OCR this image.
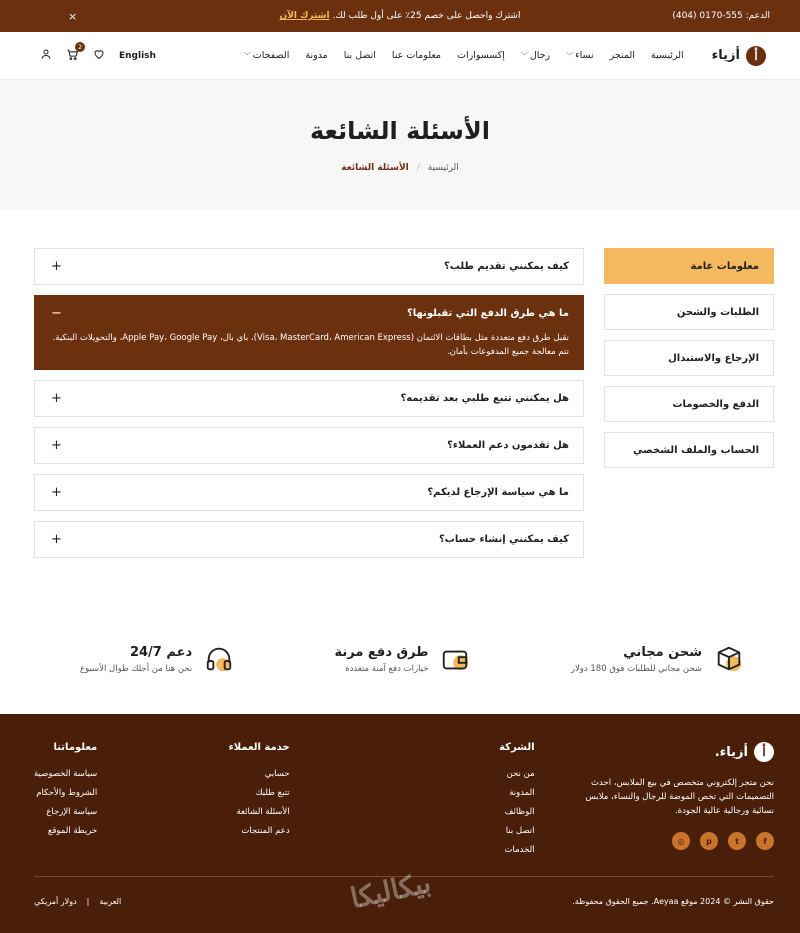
الدعم: 555-0170 (404)
اشترك واحصل على خصم 25٪ على أول طلب لك. اشترك الآن
×
أ
أزياء
الرئيسية
المتجر
نساء﹀
رجال﹀
إكسسوارات
معلومات عنا
اتصل بنا
مدونة
الصفحات﹀
English
2
الأسئلة الشائعة
الرئيسية
/
الأسئلة الشائعة
معلومات عامة
الطلبات والشحن
الإرجاع والاستبدال
الدفع والخصومات
الحساب والملف الشخصي
كيف يمكنني تقديم طلب؟
+
ما هي طرق الدفع التي تقبلونها؟
−
نقبل طرق دفع متعددة مثل بطاقات الائتمان (Visa، MasterCard، American Express)، باي بال، Apple Pay، Google Pay، والتحويلات البنكية. تتم معالجة جميع المدفوعات بأمان.
هل يمكنني تتبع طلبي بعد تقديمه؟
+
هل تقدمون دعم العملاء؟
+
ما هي سياسة الإرجاع لديكم؟
+
كيف يمكنني إنشاء حساب؟
+
شحن مجاني

شحن مجاني للطلبات فوق 180 دولار

طرق دفع مرنة

خيارات دفع آمنة متعددة

دعم 24/7

نحن هنا من أجلك طوال الأسبوع

أ
أزياء.

نحن متجر إلكتروني متخصص في بيع الملابس، احدث التصميمات التي تخص الموضة للرجال والنساء، ملابس نسائية ورجالية عالية الجودة.

f
t
p
◎
الشركة
من نحن
المدونة
الوظائف
اتصل بنا
الخدمات
خدمة العملاء
حسابي
تتبع طلبك
الأسئلة الشائعة
دعم المنتجات
معلوماتنا
سياسة الخصوصية
الشروط والأحكام
سياسة الإرجاع
خريطة الموقع
حقوق النشر © 2024 موقع Aeyaa. جميع الحقوق محفوظة.
العربية
|
دولار أمريكي	بيكاليكا
